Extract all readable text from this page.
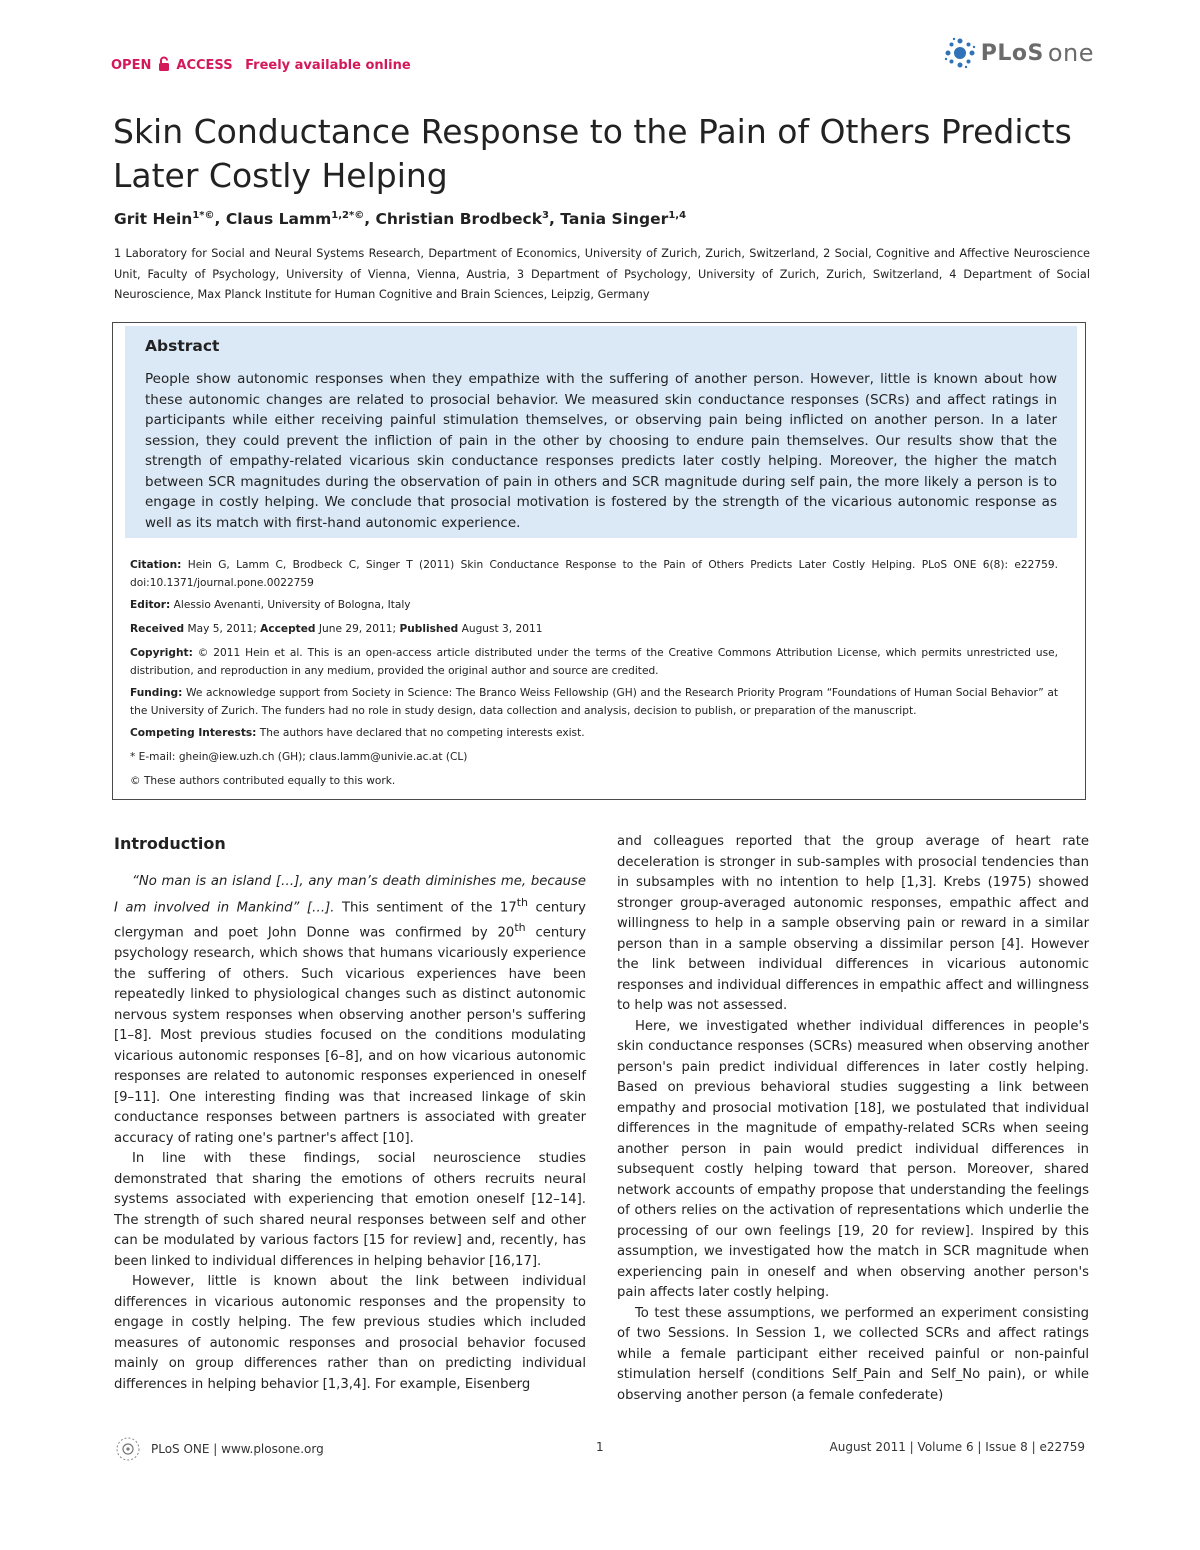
OPEN ACCESS Freely available online	PLoS one
Skin Conductance Response to the Pain of Others Predicts Later Costly Helping
Grit Hein$^{1*©}$, Claus Lamm$^{1,2*©}$, Christian Brodbeck$^3$, Tania Singer$^{1,4}$
1 Laboratory for Social and Neural Systems Research, Department of Economics, University of Zurich, Zurich, Switzerland, 2 Social, Cognitive and Affective Neuroscience Unit, Faculty of Psychology, University of Vienna, Vienna, Austria, 3 Department of Psychology, University of Zurich, Zurich, Switzerland, 4 Department of Social Neuroscience, Max Planck Institute for Human Cognitive and Brain Sciences, Leipzig, Germany
Abstract

People show autonomic responses when they empathize with the suffering of another person. However, little is known about how these autonomic changes are related to prosocial behavior. We measured skin conductance responses (SCRs) and affect ratings in participants while either receiving painful stimulation themselves, or observing pain being inflicted on another person. In a later session, they could prevent the infliction of pain in the other by choosing to endure pain themselves. Our results show that the strength of empathy-related vicarious skin conductance responses predicts later costly helping. Moreover, the higher the match between SCR magnitudes during the observation of pain in others and SCR magnitude during self pain, the more likely a person is to engage in costly helping. We conclude that prosocial motivation is fostered by the strength of the vicarious autonomic response as well as its match with first-hand autonomic experience.

Citation: Hein G, Lamm C, Brodbeck C, Singer T (2011) Skin Conductance Response to the Pain of Others Predicts Later Costly Helping. PLoS ONE 6(8): e22759. doi:10.1371/journal.pone.0022759
Editor: Alessio Avenanti, University of Bologna, Italy
Received May 5, 2011; Accepted June 29, 2011; Published August 3, 2011
Copyright: © 2011 Hein et al. This is an open-access article distributed under the terms of the Creative Commons Attribution License, which permits unrestricted use, distribution, and reproduction in any medium, provided the original author and source are credited.
Funding: We acknowledge support from Society in Science: The Branco Weiss Fellowship (GH) and the Research Priority Program “Foundations of Human Social Behavior” at the University of Zurich. The funders had no role in study design, data collection and analysis, decision to publish, or preparation of the manuscript.
Competing Interests: The authors have declared that no competing interests exist.
* E-mail: ghein@iew.uzh.ch (GH); claus.lamm@univie.ac.at (CL)
© These authors contributed equally to this work.
Introduction

“No man is an island […], any man’s death diminishes me, because I am involved in Mankind” […]. This sentiment of the 17th century clergyman and poet John Donne was confirmed by 20th century psychology research, which shows that humans vicariously experience the suffering of others. Such vicarious experiences have been repeatedly linked to physiological changes such as distinct autonomic nervous system responses when observing another person's suffering [1–8]. Most previous studies focused on the conditions modulating vicarious autonomic responses [6–8], and on how vicarious autonomic responses are related to autonomic responses experienced in oneself [9–11]. One interesting finding was that increased linkage of skin conductance responses between partners is associated with greater accuracy of rating one's partner's affect [10].

In line with these findings, social neuroscience studies demonstrated that sharing the emotions of others recruits neural systems associated with experiencing that emotion oneself [12–14]. The strength of such shared neural responses between self and other can be modulated by various factors [15 for review] and, recently, has been linked to individual differences in helping behavior [16,17].

However, little is known about the link between individual differences in vicarious autonomic responses and the propensity to engage in costly helping. The few previous studies which included measures of autonomic responses and prosocial behavior focused mainly on group differences rather than on predicting individual differences in helping behavior [1,3,4]. For example, Eisenberg

and colleagues reported that the group average of heart rate deceleration is stronger in sub-samples with prosocial tendencies than in subsamples with no intention to help [1,3]. Krebs (1975) showed stronger group-averaged autonomic responses, empathic affect and willingness to help in a sample observing pain or reward in a similar person than in a sample observing a dissimilar person [4]. However the link between individual differences in vicarious autonomic responses and individual differences in empathic affect and willingness to help was not assessed.

Here, we investigated whether individual differences in people's skin conductance responses (SCRs) measured when observing another person's pain predict individual differences in later costly helping. Based on previous behavioral studies suggesting a link between empathy and prosocial motivation [18], we postulated that individual differences in the magnitude of empathy-related SCRs when seeing another person in pain would predict individual differences in subsequent costly helping toward that person. Moreover, shared network accounts of empathy propose that understanding the feelings of others relies on the activation of representations which underlie the processing of our own feelings [19, 20 for review]. Inspired by this assumption, we investigated how the match in SCR magnitude when experiencing pain in oneself and when observing another person's pain affects later costly helping.

To test these assumptions, we performed an experiment consisting of two Sessions. In Session 1, we collected SCRs and affect ratings while a female participant either received painful or non-painful stimulation herself (conditions Self_Pain and Self_No pain), or while observing another person (a female confederate)

PLoS ONE | www.plosone.org	1	August 2011 | Volume 6 | Issue 8 | e22759
